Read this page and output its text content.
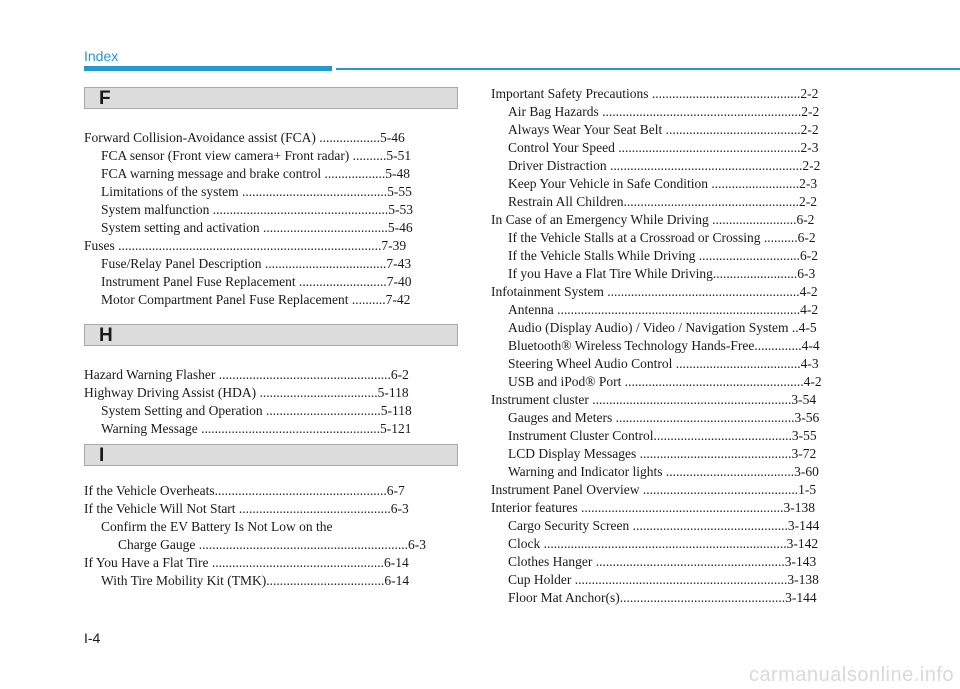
Index
F
Forward Collision-Avoidance assist (FCA) ..................5-46
FCA sensor (Front view camera+ Front radar) ..........5-51
FCA warning message and brake control ..................5-48
Limitations of the system ...........................................5-55
System malfunction ....................................................5-53
System setting and activation .....................................5-46
Fuses ..............................................................................7-39
Fuse/Relay Panel Description ....................................7-43
Instrument Panel Fuse Replacement ..........................7-40
Motor Compartment Panel Fuse Replacement ..........7-42
H
Hazard Warning Flasher ...................................................6-2
Highway Driving Assist (HDA) ...................................5-118
System Setting and Operation ..................................5-118
Warning Message .....................................................5-121
I
If the Vehicle Overheats...................................................6-7
If the Vehicle Will Not Start .............................................6-3
Confirm the EV Battery Is Not Low on the
Charge Gauge ..............................................................6-3
If You Have a Flat Tire ...................................................6-14
With Tire Mobility Kit (TMK)...................................6-14
Important Safety Precautions ............................................2-2
Air Bag Hazards ...........................................................2-2
Always Wear Your Seat Belt ........................................2-2
Control Your Speed ......................................................2-3
Driver Distraction .........................................................2-2
Keep Your Vehicle in Safe Condition ..........................2-3
Restrain All Children....................................................2-2
In Case of an Emergency While Driving .........................6-2
If the Vehicle Stalls at a Crossroad or Crossing ..........6-2
If the Vehicle Stalls While Driving ..............................6-2
If you Have a Flat Tire While Driving.........................6-3
Infotainment System .........................................................4-2
Antenna ........................................................................4-2
Audio (Display Audio) / Video / Navigation System ..4-5
Bluetooth® Wireless Technology Hands-Free..............4-4
Steering Wheel Audio Control .....................................4-3
USB and iPod® Port .....................................................4-2
Instrument cluster ...........................................................3-54
Gauges and Meters .....................................................3-56
Instrument Cluster Control.........................................3-55
LCD Display Messages .............................................3-72
Warning and Indicator lights ......................................3-60
Instrument Panel Overview ..............................................1-5
Interior features ............................................................3-138
Cargo Security Screen ..............................................3-144
Clock ........................................................................3-142
Clothes Hanger ........................................................3-143
Cup Holder ...............................................................3-138
Floor Mat Anchor(s).................................................3-144
I-4
carmanualsonline.info
